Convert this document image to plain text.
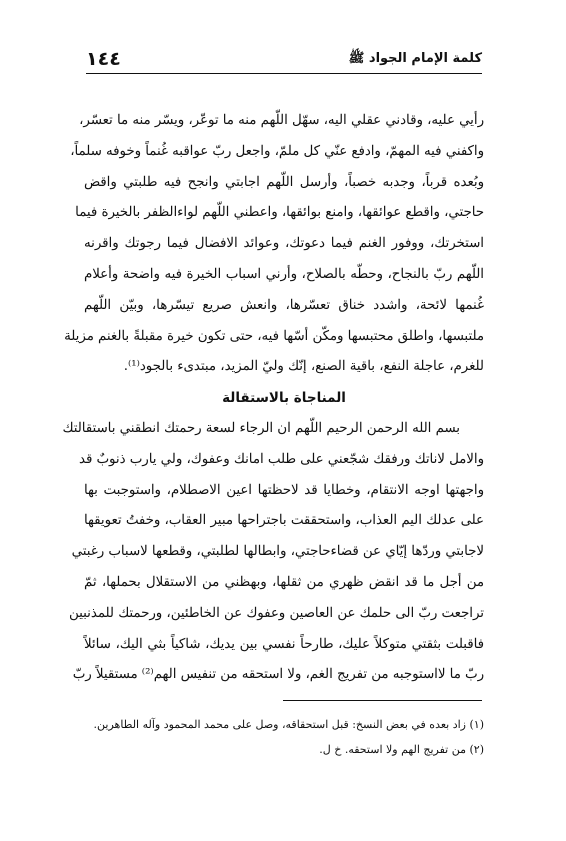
١٤٤	كلمة الإمام الجواد ﷺ
رأيي عليه، وقادني عقلي اليه، سهّل اللّهم منه ما توعّر، ويسّر منه ما تعسّر،
واكفني فيه المهمّ، وادفع عنّي كل ملمّ، واجعل ربّ عواقبه غُنماً وخوفه سلماً،
وبُعده قرباً، وجدبه خصباً، وأرسل اللّهم اجابتي وانجح فيه طلبتي واقض
حاجتي، واقطع عوائقها، وامنع بوائقها، واعطني اللّهم لواءالظفر بالخيرة فيما
استخرتك، ووفور الغنم فيما دعوتك، وعوائد الافضال فيما رجوتك واقرنه
اللّهم ربّ بالنجاح، وحطّه بالصلاح، وأرني اسباب الخيرة فيه واضحة وأعلام
غُنمها لائحة، واشدد خناق تعسّرها، وانعش صريع تيسّرها، وبيّن اللّهم
ملتبسها، واطلق محتبسها ومكّن أسّها فيه، حتى تكون خيرة مقبلةً بالغنم مزيلة
للغرم، عاجلة النفع، باقية الصنع، إنّك وليّ المزيد، مبتدىء بالجود⁽¹⁾.
المناجاة بالاستقالة
بسم الله الرحمن الرحيم اللّهم ان الرجاء لسعة رحمتك انطقني باستقالتك
والامل لاناتك ورفقك شجّعني على طلب امانك وعفوك، ولي يارب ذنوبٌ قد
واجهتها اوجه الانتقام، وخطايا قد لاحظتها اعين الاصطلام، واستوجبت بها
على عدلك اليم العذاب، واستحققت باجتراحها مبير العقاب، وخفتُ تعويقها
لاجابتي وردّها إيّاي عن قضاءحاجتي، وابطالها لطلبتي، وقطعها لاسباب رغبتي
من أجل ما قد انقض ظهري من ثقلها، وبهظني من الاستقلال بحملها، ثمّ
تراجعت ربّ الى حلمك عن العاصين وعفوك عن الخاطئين، ورحمتك للمذنبين
فاقبلت بثقتي متوكلاً عليك، طارحاً نفسي بين يديك، شاكياً بثي اليك، سائلاً
ربّ ما لااستوجبه من تفريج الغم، ولا استحقه من تنفيس الهم⁽²⁾ مستقيلاً ربّ
(١) زاد بعده في بعض النسخ: قبل استحقاقه، وصل على محمد المحمود وآله الطاهرين.
(٢) من تفريج الهم ولا استحقه. خ ل.
